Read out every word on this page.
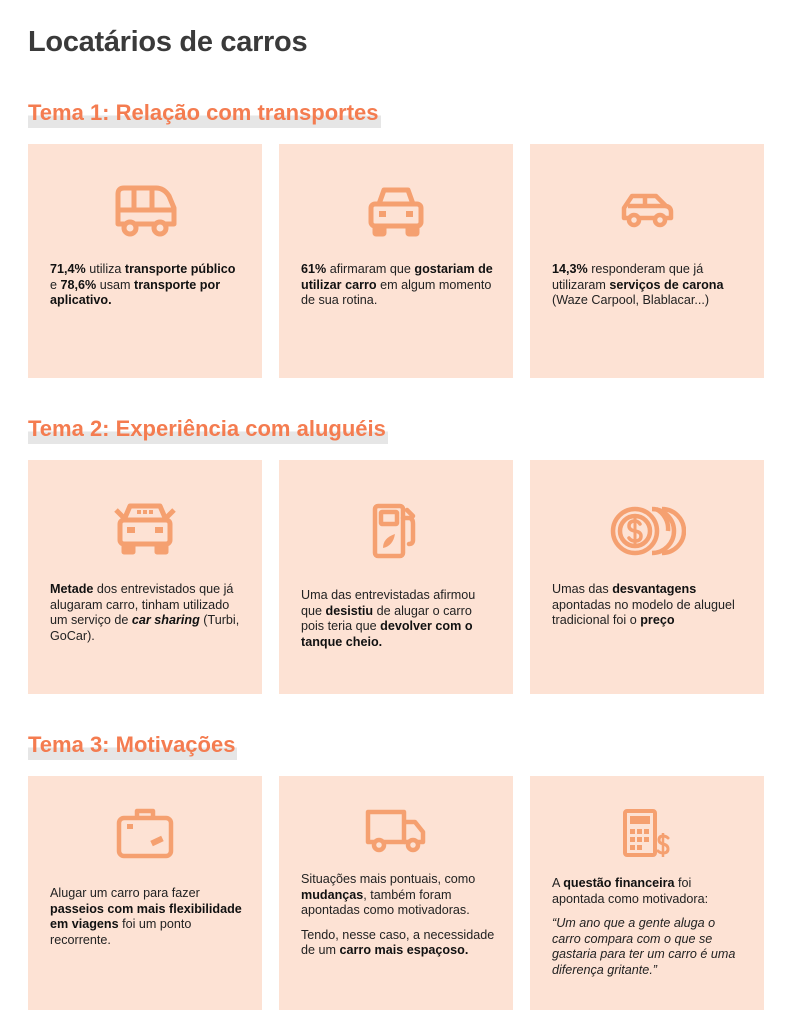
Locatários de carros
Tema 1: Relação com transportes

71,4% utiliza transporte público e 78,6% usam transporte por aplicativo.

61% afirmaram que gostariam de utilizar carro em algum momento de sua rotina.

14,3% responderam que já utilizaram serviços de carona (Waze Carpool, Blablacar...)

Tema 2: Experiência com aluguéis

Metade dos entrevistados que já alugaram carro, tinham utilizado um serviço de car sharing (Turbi, GoCar).

Uma das entrevistadas afirmou que desistiu de alugar o carro pois teria que devolver com o tanque cheio.

Umas das desvantagens apontadas no modelo de aluguel tradicional foi o preço

Tema 3: Motivações

Alugar um carro para fazer passeios com mais flexibilidade em viagens foi um ponto recorrente.

Situações mais pontuais, como mudanças, também foram apontadas como motivadoras.

Tendo, nesse caso, a necessidade de um carro mais espaçoso.

A questão financeira foi apontada como motivadora:

“Um ano que a gente aluga o carro compara com o que se gastaria para ter um carro é uma diferença gritante.”
